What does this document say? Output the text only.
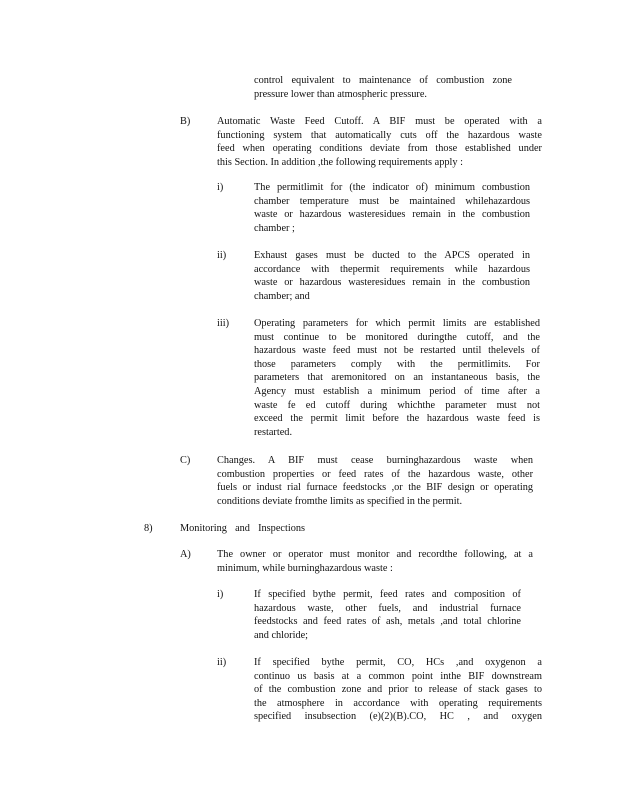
control equivalent to maintenance of combustion zone

pressure lower than atmospheric pressure.

B)	Automatic Waste Feed Cutoff. A BIF must be operated with a

functioning system that automatically cuts off the hazardous waste

feed when operating conditions deviate from those established under

this Section. In addition ,the following requirements apply :

i)	The permitlimit for (the indicator of) minimum combustion

chamber temperature must be maintained whilehazardous

waste or hazardous wasteresidues remain in the combustion

chamber ;

ii)	Exhaust gases must be ducted to the APCS operated in

accordance with thepermit requirements while hazardous

waste or hazardous wasteresidues remain in the combustion

chamber; and

iii) Operating parameters for which permit limits are established

must continue to be monitored duringthe cutoff, and the

hazardous waste feed must not be restarted until thelevels of

those parameters comply with the permitlimits. For

parameters that aremonitored on an instantaneous basis, the

Agency must establish a minimum period of time after a

waste fe ed cutoff during whichthe parameter must not

exceed the permit limit before the hazardous waste feed is

restarted.

C)	Changes. A BIF must cease burninghazardous waste when

combustion properties or feed rates of the hazardous waste, other

fuels or indust rial furnace feedstocks ,or the BIF design or operating

conditions deviate fromthe limits as specified in the permit.

8)	Monitoring and Inspections
A)	The owner or operator must monitor and recordthe following, at a

minimum, while burninghazardous waste :

i)	If specified bythe permit, feed rates and composition of

hazardous waste, other fuels, and industrial furnace

feedstocks and feed rates of ash, metals ,and total chlorine

and chloride;

ii)	If specified bythe permit, CO, HCs ,and oxygenon a

continuo us basis at a common point inthe BIF downstream

of the combustion zone and prior to release of stack gases to

the atmosphere in accordance with operating requirements

specified insubsection (e)(2)(B).CO, HC , and oxygen
